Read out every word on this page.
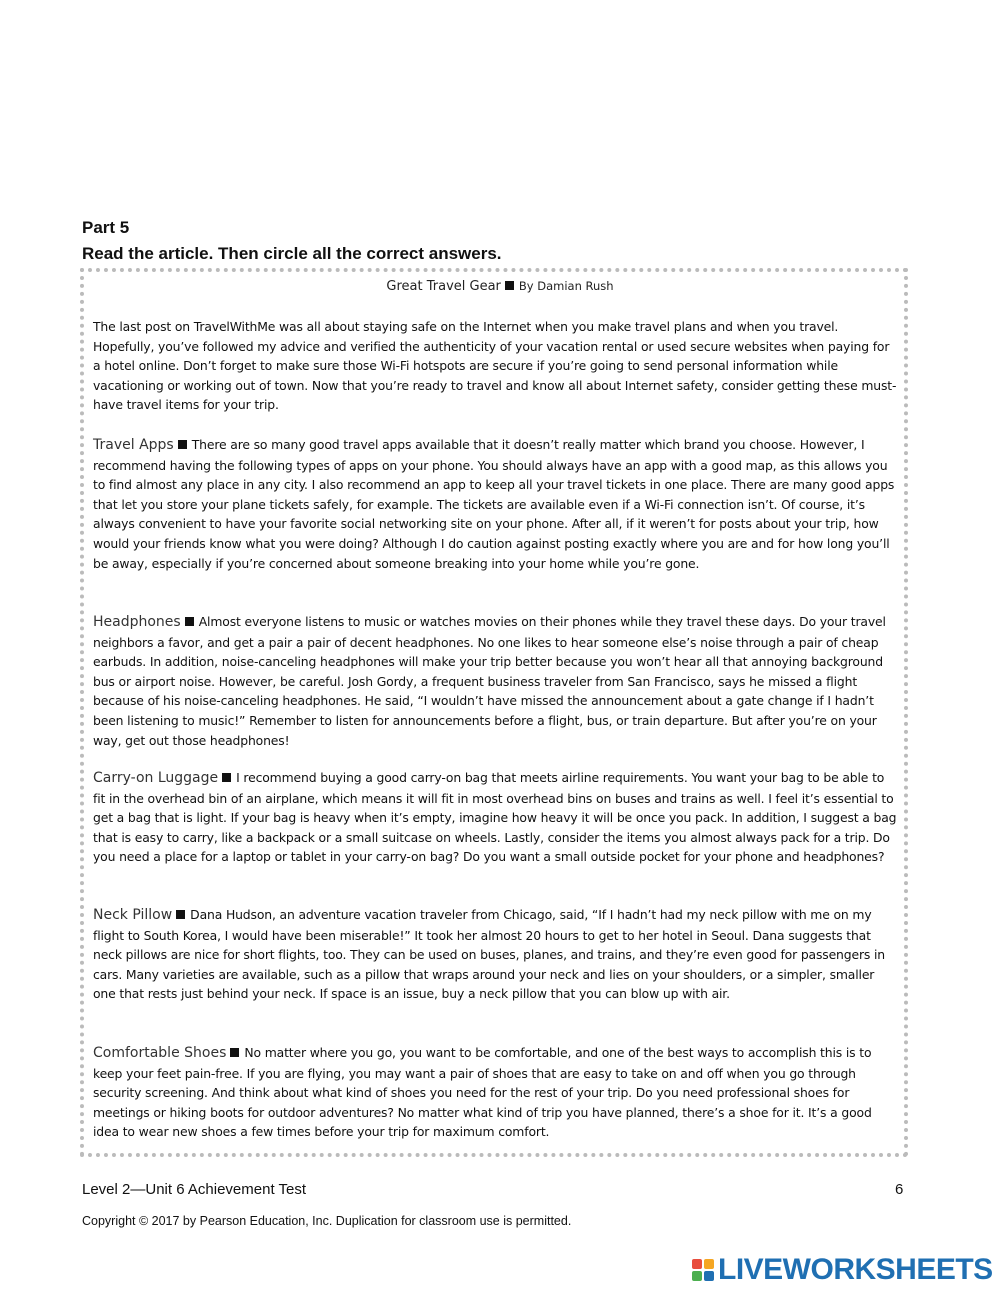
Part 5
Read the article. Then circle all the correct answers.
Great Travel Gear By Damian Rush
The last post on TravelWithMe was all about staying safe on the Internet when you make travel plans and when you travel. Hopefully, you’ve followed my advice and verified the authenticity of your vacation rental or used secure websites when paying for a hotel online. Don’t forget to make sure those Wi-Fi hotspots are secure if you’re going to send personal information while vacationing or working out of town. Now that you’re ready to travel and know all about Internet safety, consider getting these must-have travel items for your trip.
Travel Apps There are so many good travel apps available that it doesn’t really matter which brand you choose. However, I recommend having the following types of apps on your phone. You should always have an app with a good map, as this allows you to find almost any place in any city. I also recommend an app to keep all your travel tickets in one place. There are many good apps that let you store your plane tickets safely, for example. The tickets are available even if a Wi-Fi connection isn’t. Of course, it’s always convenient to have your favorite social networking site on your phone. After all, if it weren’t for posts about your trip, how would your friends know what you were doing? Although I do caution against posting exactly where you are and for how long you’ll be away, especially if you’re concerned about someone breaking into your home while you’re gone.
Headphones Almost everyone listens to music or watches movies on their phones while they travel these days. Do your travel neighbors a favor, and get a pair a pair of decent headphones. No one likes to hear someone else’s noise through a pair of cheap earbuds. In addition, noise-canceling headphones will make your trip better because you won’t hear all that annoying background bus or airport noise. However, be careful. Josh Gordy, a frequent business traveler from San Francisco, says he missed a flight because of his noise-canceling headphones. He said, “I wouldn’t have missed the announcement about a gate change if I hadn’t been listening to music!” Remember to listen for announcements before a flight, bus, or train departure. But after you’re on your way, get out those headphones!
Carry-on Luggage I recommend buying a good carry-on bag that meets airline requirements. You want your bag to be able to fit in the overhead bin of an airplane, which means it will fit in most overhead bins on buses and trains as well. I feel it’s essential to get a bag that is light. If your bag is heavy when it’s empty, imagine how heavy it will be once you pack. In addition, I suggest a bag that is easy to carry, like a backpack or a small suitcase on wheels. Lastly, consider the items you almost always pack for a trip. Do you need a place for a laptop or tablet in your carry-on bag? Do you want a small outside pocket for your phone and headphones?
Neck Pillow Dana Hudson, an adventure vacation traveler from Chicago, said, “If I hadn’t had my neck pillow with me on my flight to South Korea, I would have been miserable!” It took her almost 20 hours to get to her hotel in Seoul. Dana suggests that neck pillows are nice for short flights, too. They can be used on buses, planes, and trains, and they’re even good for passengers in cars. Many varieties are available, such as a pillow that wraps around your neck and lies on your shoulders, or a simpler, smaller one that rests just behind your neck. If space is an issue, buy a neck pillow that you can blow up with air.
Comfortable Shoes No matter where you go, you want to be comfortable, and one of the best ways to accomplish this is to keep your feet pain-free. If you are flying, you may want a pair of shoes that are easy to take on and off when you go through security screening. And think about what kind of shoes you need for the rest of your trip. Do you need professional shoes for meetings or hiking boots for outdoor adventures? No matter what kind of trip you have planned, there’s a shoe for it. It’s a good idea to wear new shoes a few times before your trip for maximum comfort.
Level 2—Unit 6 Achievement Test	6
Copyright © 2017 by Pearson Education, Inc. Duplication for classroom use is permitted.
LIVEWORKSHEETS
